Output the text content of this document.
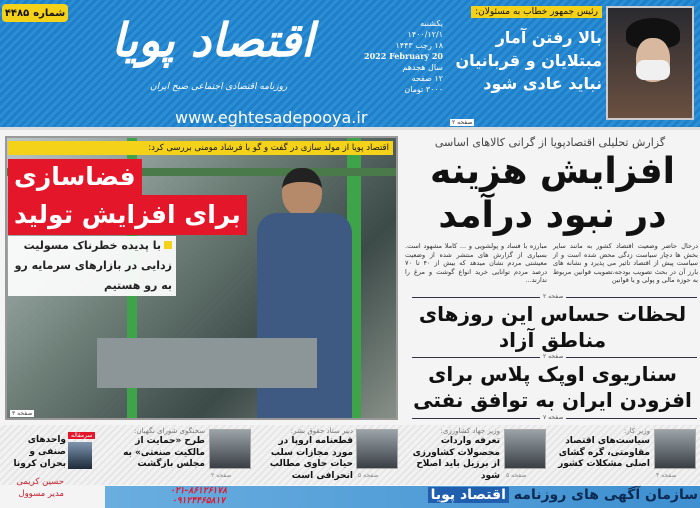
شماره
۴۴۸۵	اقتصاد پویا
روزنامه اقتصادی اجتماعی صبح ایران
www.eghtesadepooya.ir
یکشنبه
۱۴۰۰/۱۲/۱
۱۸ رجب ۱۴۴۳
2022 February 20
سال هجدهم
۱۲ صفحه
۳۰۰۰ تومان
رئیس جمهور خطاب به مسئولان:
بالا رفتن آمار مبتلایان و قربانیان نباید عادی شود
صفحه ۲
اقتصاد پویا از مولد سازی در گفت و گو با فرشاد مومنی بررسی کرد:
فضاسازی
برای افزایش تولید
با پدیده خطرناک مسولیت زدایی در بازارهای سرمایه رو به رو هستیم
صفحه ۳
گزارش تحلیلی اقتصادپویا از گرانی کالاهای اساسی
افزایش هزینه در نبود درآمد
درحال حاضر وضعیت اقتصاد کشور به مانند سایر بخش ها دچار سیاست زدگی محض شده است و از سیاست پیش از اقتصاد تاثیر می پذیرد و نشانه های بارز آن در بحث تصویب بودجه،تصویب قوانین مربوط به حوزه مالی و پولی و یا قوانین
مبارزه با فساد و پولشویی و ... کاملا مشهود است. بسیاری از گزارش های منتشر شده از وضعیت معیشتی مردم نشان میدهد که بیش از ۴۰ تا ۷۰ درصد مردم توانایی خرید انواع گوشت و مرغ را ندارند...
صفحه ۲
لحظات حساس این روزهای مناطق آزاد
صفحه ۲
سناریوی اوپک پلاس برای افزودن ایران به توافق نفتی
صفحه ۷
وزیر کار:
سیاست‌های اقتصاد مقاومتی، گره گشای اصلی مشکلات کشور
صفحه ۴
وزیر جهاد کشاورزی:
تعرفه واردات محصولات کشاورزی از برزیل باید اصلاح شود صفحه ۵
دبیر ستاد حقوق بشر:
قطعنامه اروپا در مورد مجازات سلب حیات حاوی مطالب انحرافی است صفحه ۵
سخنگوی شورای نگهبان:
طرح «حمایت از مالکیت صنعتی» به مجلس بازگشت
صفحه ۳
سرمقاله
واحدهای صنفی و بحران کرونا
حسین کریمی
مدیر مسوول	۰۲۱-۸۶۱۲۶۱۷۸
۰۹۱۲۴۴۶۵۸۱۷	سازمان آگهی های روزنامه اقتصاد پویا
